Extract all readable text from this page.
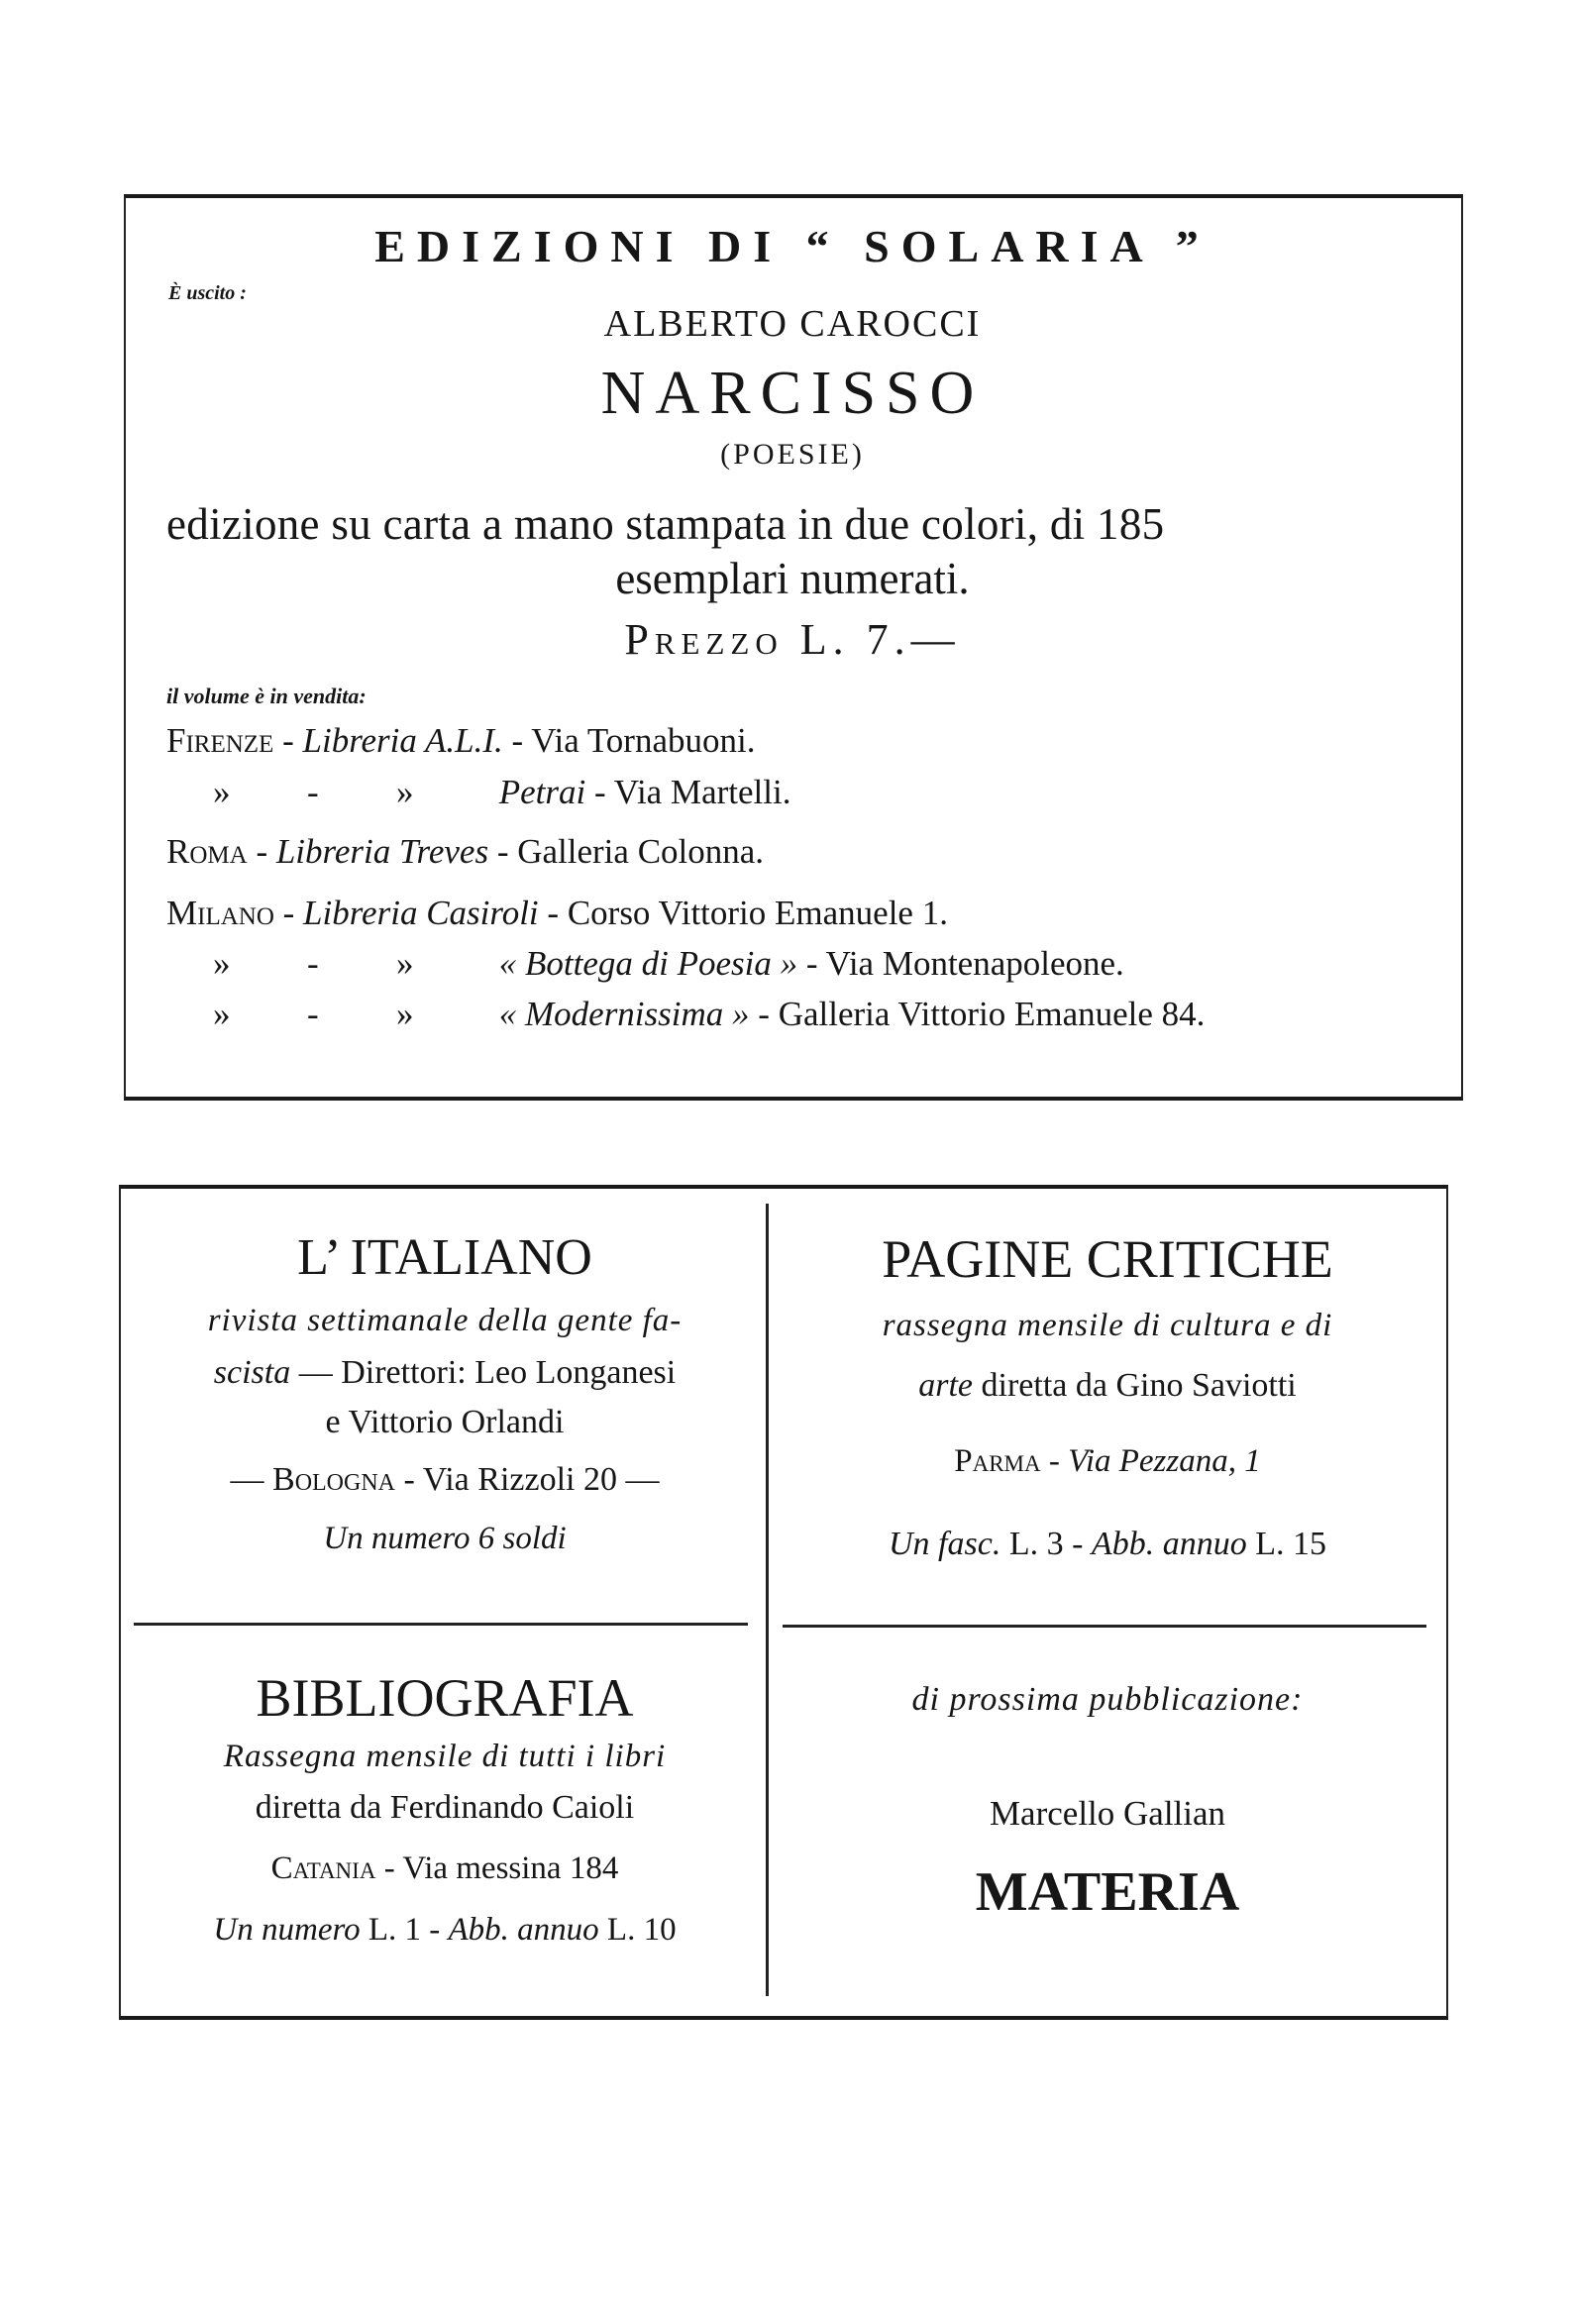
EDIZIONI DI “ SOLARIA ”
È uscito :
ALBERTO CAROCCI
NARCISSO
(POESIE)
edizione su carta a mano stampata in due colori, di 185
esemplari numerati.
Prezzo L. 7.—
il volume è in vendita:
Firenze - Libreria A.L.I. - Via Tornabuoni.
» - » Petrai - Via Martelli.
Roma - Libreria Treves - Galleria Colonna.
Milano - Libreria Casiroli - Corso Vittorio Emanuele 1.
» - » « Bottega di Poesia » - Via Montenapoleone.
» - » « Modernissima » - Galleria Vittorio Emanuele 84.
L’ ITALIANO
rivista settimanale della gente fa-
scista — Direttori: Leo Longanesi
e Vittorio Orlandi
— Bologna - Via Rizzoli 20 —
Un numero 6 soldi
PAGINE CRITICHE
rassegna mensile di cultura e di
arte diretta da Gino Saviotti
Parma - Via Pezzana, 1
Un fasc. L. 3 - Abb. annuo L. 15
BIBLIOGRAFIA
Rassegna mensile di tutti i libri
diretta da Ferdinando Caioli
Catania - Via messina 184
Un numero L. 1 - Abb. annuo L. 10
di prossima pubblicazione:
Marcello Gallian
MATERIA
